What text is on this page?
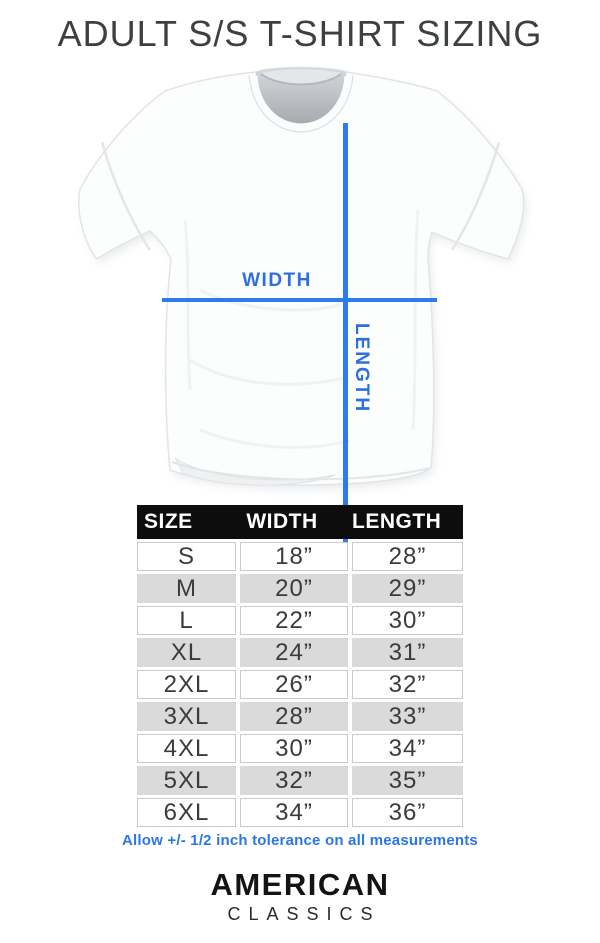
ADULT S/S T-SHIRT SIZING
WIDTH
LENGTH
SIZE	WIDTH	LENGTH
S	18”	28”
M	20”	29”
L	22”	30”
XL	24”	31”
2XL	26”	32”
3XL	28”	33”
4XL	30”	34”
5XL	32”	35”
6XL	34”	36”
Allow +/- 1/2 inch tolerance on all measurements
AMERICAN
CLASSICS
